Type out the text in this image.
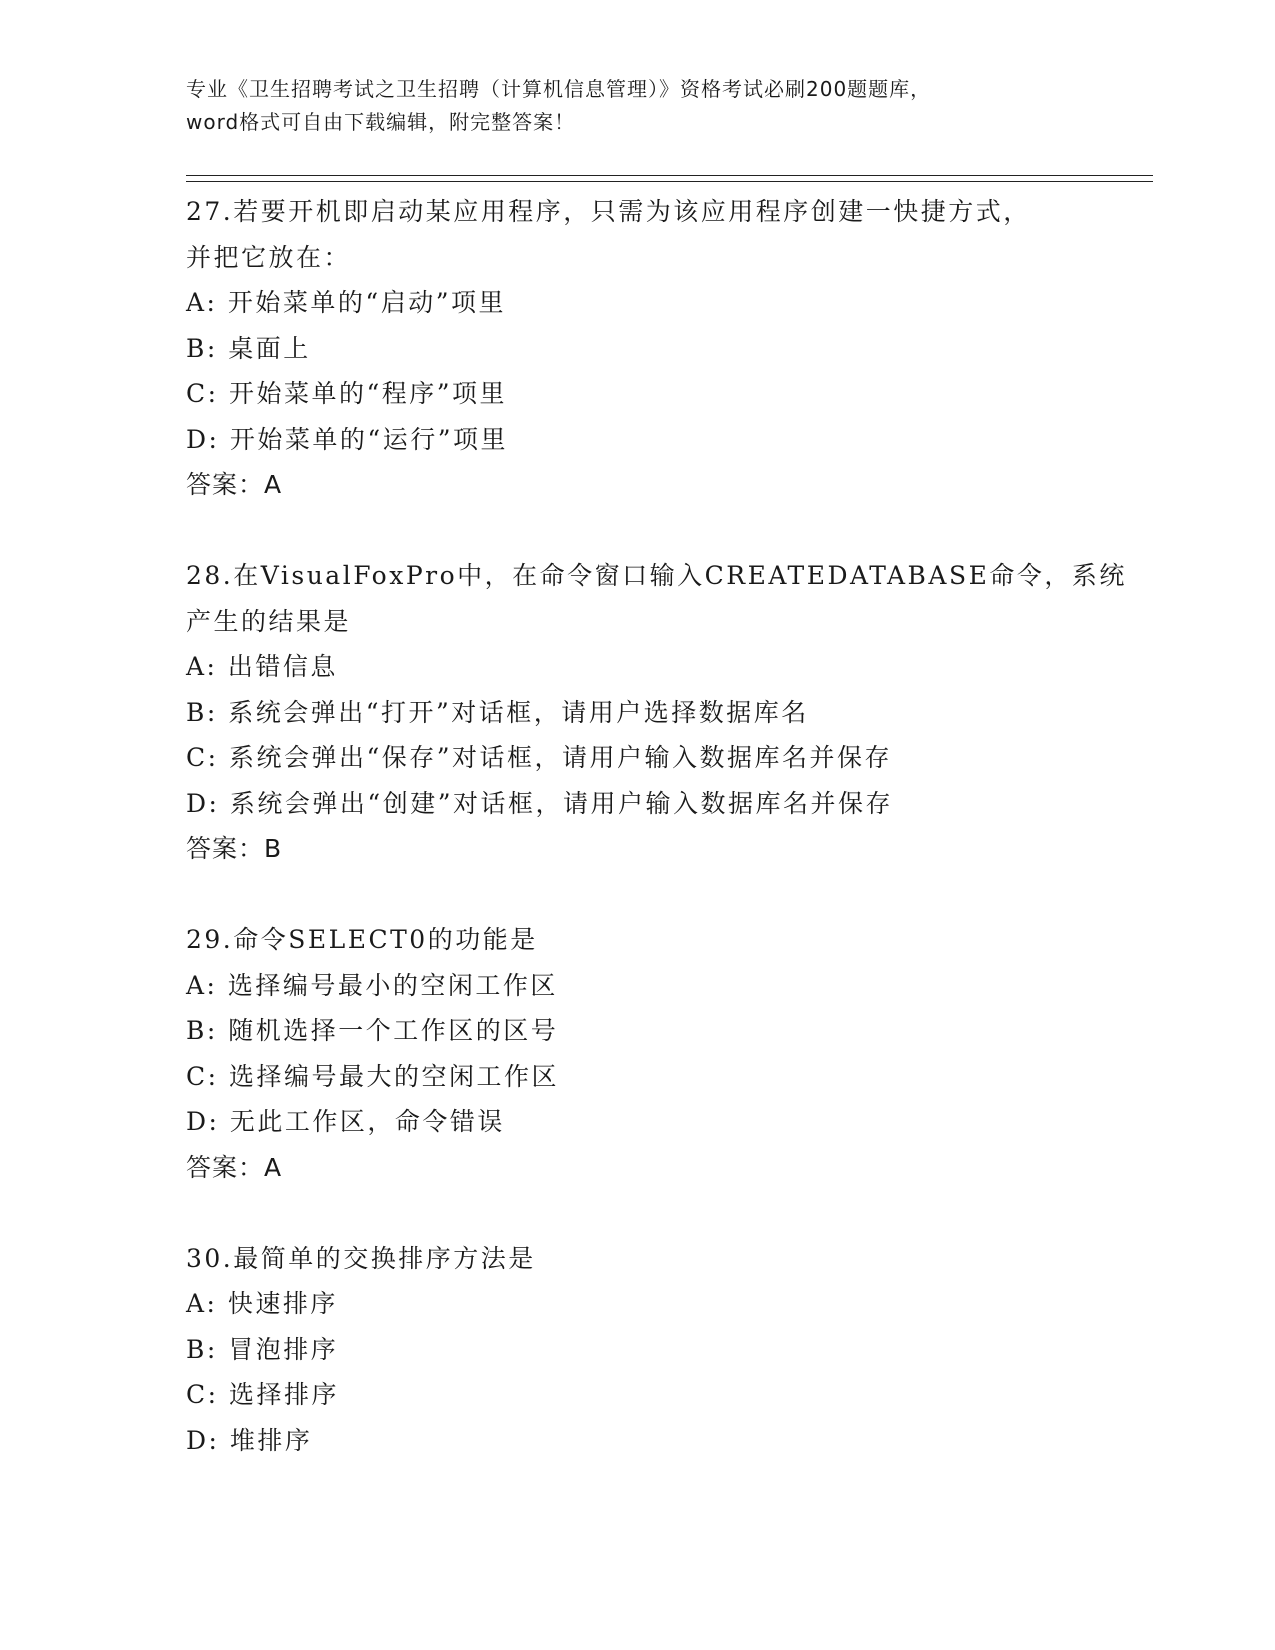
专业《卫生招聘考试之卫生招聘（计算机信息管理）》资格考试必刷200题题库，
word格式可自由下载编辑，附完整答案！
27.若要开机即启动某应用程序，只需为该应用程序创建一快捷方式，
并把它放在：
A: 开始菜单的“启动”项里
B: 桌面上
C: 开始菜单的“程序”项里
D: 开始菜单的“运行”项里
答案：A
28.在VisualFoxPro中，在命令窗口输入CREATEDATABASE命令，系统
产生的结果是
A: 出错信息
B: 系统会弹出“打开”对话框，请用户选择数据库名
C: 系统会弹出“保存”对话框，请用户输入数据库名并保存
D: 系统会弹出“创建”对话框，请用户输入数据库名并保存
答案：B
29.命令SELECT0的功能是
A: 选择编号最小的空闲工作区
B: 随机选择一个工作区的区号
C: 选择编号最大的空闲工作区
D: 无此工作区，命令错误
答案：A
30.最简单的交换排序方法是
A: 快速排序
B: 冒泡排序
C: 选择排序
D: 堆排序
